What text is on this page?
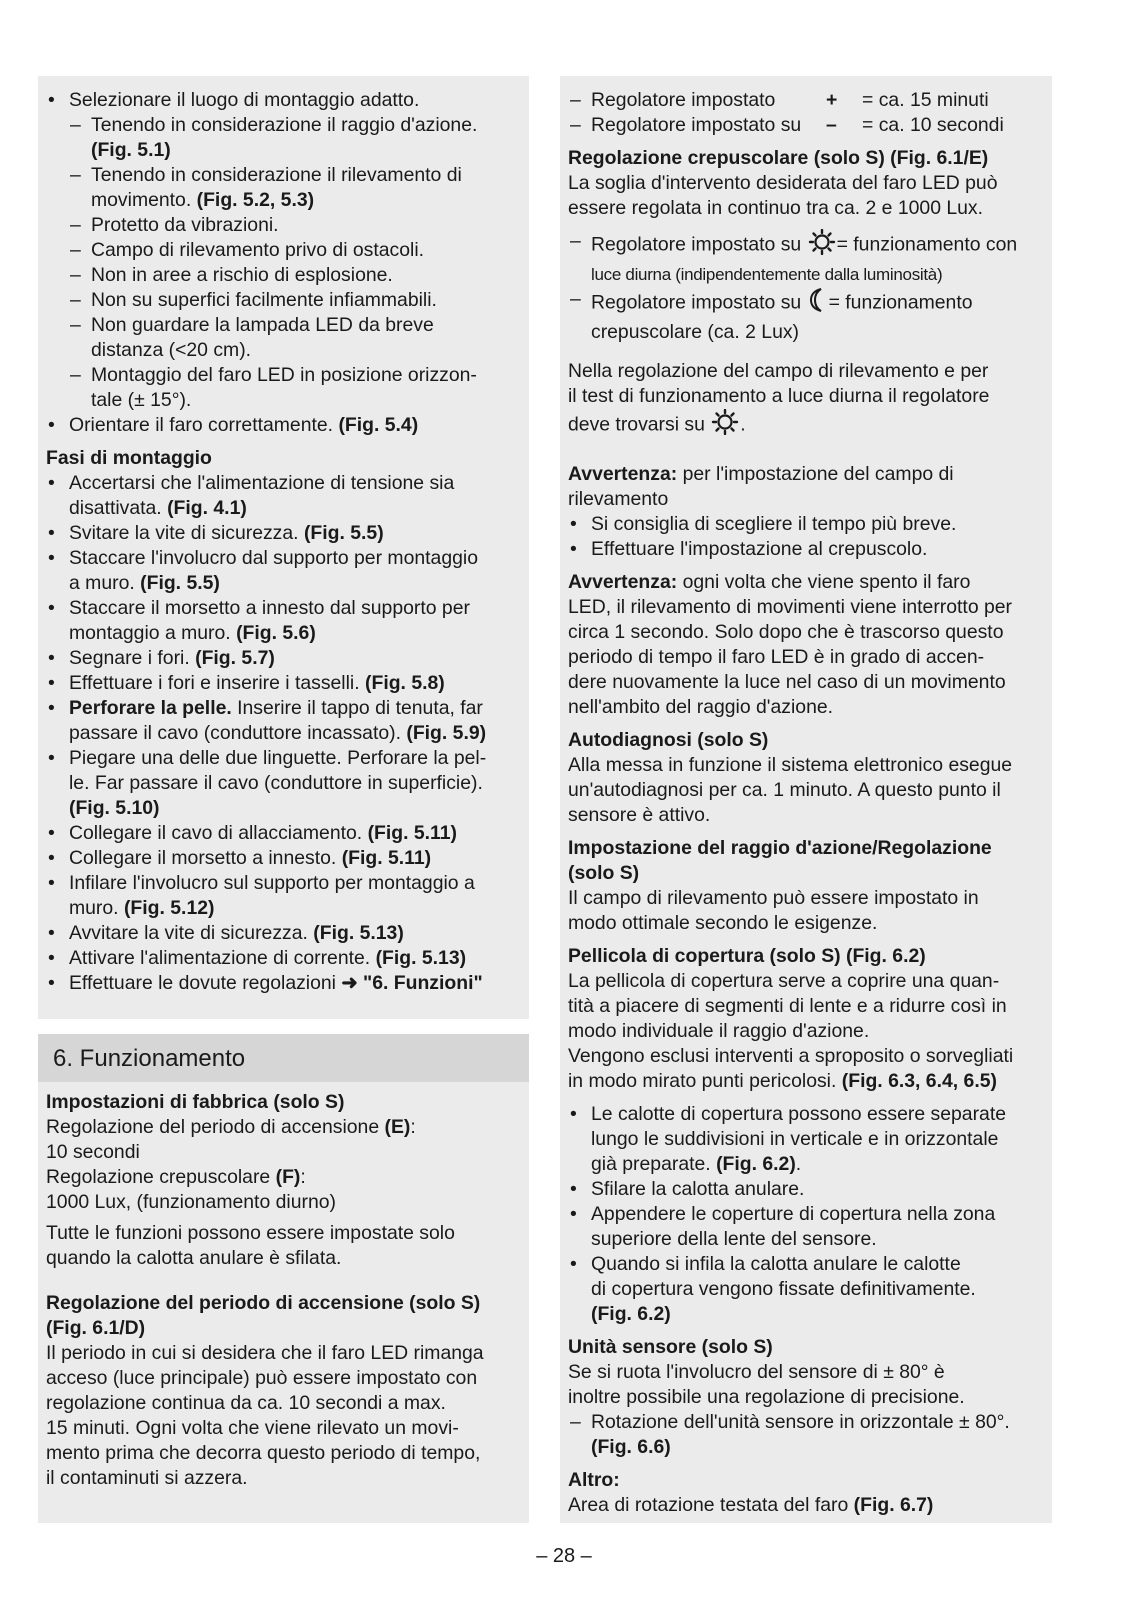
• Selezionare il luogo di montaggio adatto.
– Tenendo in considerazione il raggio d'azione.
(Fig. 5.1)
– Tenendo in considerazione il rilevamento di
movimento. (Fig. 5.2, 5.3)
– Protetto da vibrazioni.
– Campo di rilevamento privo di ostacoli.
– Non in aree a rischio di esplosione.
– Non su superfici facilmente infiammabili.
– Non guardare la lampada LED da breve
distanza (<20 cm).
– Montaggio del faro LED in posizione orizzon-
tale (± 15°).
• Orientare il faro correttamente. (Fig. 5.4)
Fasi di montaggio
• Accertarsi che l'alimentazione di tensione sia
disattivata. (Fig. 4.1)
• Svitare la vite di sicurezza. (Fig. 5.5)
• Staccare l'involucro dal supporto per montaggio
a muro. (Fig. 5.5)
• Staccare il morsetto a innesto dal supporto per
montaggio a muro. (Fig. 5.6)
• Segnare i fori. (Fig. 5.7)
• Effettuare i fori e inserire i tasselli. (Fig. 5.8)
• Perforare la pelle. Inserire il tappo di tenuta, far
passare il cavo (conduttore incassato). (Fig. 5.9)
• Piegare una delle due linguette. Perforare la pel-
le. Far passare il cavo (conduttore in superficie).
(Fig. 5.10)
• Collegare il cavo di allacciamento. (Fig. 5.11)
• Collegare il morsetto a innesto. (Fig. 5.11)
• Infilare l'involucro sul supporto per montaggio a
muro. (Fig. 5.12)
• Avvitare la vite di sicurezza. (Fig. 5.13)
• Attivare l'alimentazione di corrente. (Fig. 5.13)
• Effettuare le dovute regolazioni ➜ "6. Funzioni"
6. Funzionamento
Impostazioni di fabbrica (solo S)

Regolazione del periodo di accensione (E):

10 secondi

Regolazione crepuscolare (F):

1000 Lux, (funzionamento diurno)

Tutte le funzioni possono essere impostate solo

quando la calotta anulare è sfilata.

Regolazione del periodo di accensione (solo S)
(Fig. 6.1/D)

Il periodo in cui si desidera che il faro LED rimanga

acceso (luce principale) può essere impostato con

regolazione continua da ca. 10 secondi a max.

15 minuti. Ogni volta che viene rilevato un movi-

mento prima che decorra questo periodo di tempo,

il contaminuti si azzera.

– Regolatore impostato	+ = ca. 15 minuti
– Regolatore impostato su – = ca. 10 secondi
Regolazione crepuscolare (solo S) (Fig. 6.1/E)

La soglia d'intervento desiderata del faro LED può

essere regolata in continuo tra ca. 2 e 1000 Lux.

– Regolatore impostato su = funzionamento con
luce diurna (indipendentemente dalla luminosità)
– Regolatore impostato su = funzionamento
crepuscolare (ca. 2 Lux)

Nella regolazione del campo di rilevamento e per

il test di funzionamento a luce diurna il regolatore

deve trovarsi su .

Avvertenza: per l'impostazione del campo di

rilevamento

• Si consiglia di scegliere il tempo più breve.
• Effettuare l'impostazione al crepuscolo.

Avvertenza: ogni volta che viene spento il faro

LED, il rilevamento di movimenti viene interrotto per

circa 1 secondo. Solo dopo che è trascorso questo

periodo di tempo il faro LED è in grado di accen-

dere nuovamente la luce nel caso di un movimento

nell'ambito del raggio d'azione.

Autodiagnosi (solo S)

Alla messa in funzione il sistema elettronico esegue

un'autodiagnosi per ca. 1 minuto. A questo punto il

sensore è attivo.

Impostazione del raggio d'azione/Regolazione
(solo S)

Il campo di rilevamento può essere impostato in

modo ottimale secondo le esigenze.

Pellicola di copertura (solo S) (Fig. 6.2)

La pellicola di copertura serve a coprire una quan-

tità a piacere di segmenti di lente e a ridurre così in

modo individuale il raggio d'azione.

Vengono esclusi interventi a sproposito o sorvegliati

in modo mirato punti pericolosi. (Fig. 6.3, 6.4, 6.5)

• Le calotte di copertura possono essere separate
lungo le suddivisioni in verticale e in orizzontale
già preparate. (Fig. 6.2).
• Sfilare la calotta anulare.
• Appendere le coperture di copertura nella zona
superiore della lente del sensore.
• Quando si infila la calotta anulare le calotte
di copertura vengono fissate definitivamente.
(Fig. 6.2)
Unità sensore (solo S)

Se si ruota l'involucro del sensore di ± 80° è

inoltre possibile una regolazione di precisione.

– Rotazione dell'unità sensore in orizzontale ± 80°.
(Fig. 6.6)
Altro:

Area di rotazione testata del faro (Fig. 6.7)

– 28 –
